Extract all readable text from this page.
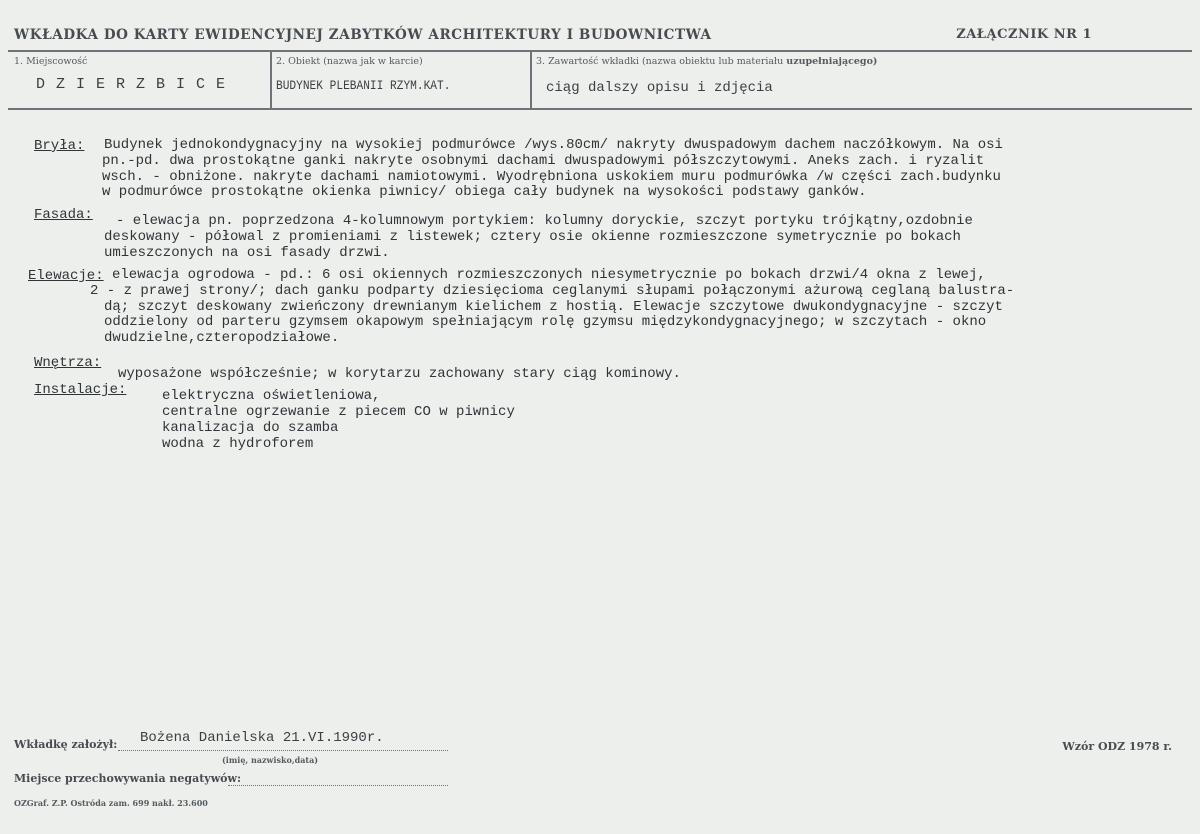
WKŁADKA DO KARTY EWIDENCYJNEJ ZABYTKÓW ARCHITEKTURY I BUDOWNICTWA	ZAŁĄCZNIK NR 1
1. Miejscowość	2. Obiekt (nazwa jak w karcie)	3. Zawartość wkładki (nazwa obiektu lub materiału uzupełniającego)
DZIERZBICE	BUDYNEK PLEBANII RZYM.KAT.	ciąg dalszy opisu i zdjęcia
Bryła: Budynek jednokondygnacyjny na wysokiej podmurówce /wys.80cm/ nakryty dwuspadowym dachem naczółkowym. Na osi
pn.-pd. dwa prostokątne ganki nakryte osobnymi dachami dwuspadowymi półszczytowymi. Aneks zach. i ryzalit
wsch. - obniżone. nakryte dachami namiotowymi. Wyodrębniona uskokiem muru podmurówka /w części zach.budynku
w podmurówce prostokątne okienka piwnicy/ obiega cały budynek na wysokości podstawy ganków.
Fasada: - elewacja pn. poprzedzona 4-kolumnowym portykiem: kolumny doryckie, szczyt portyku trójkątny,ozdobnie
deskowany - półowal z promieniami z listewek; cztery osie okienne rozmieszczone symetrycznie po bokach
umieszczonych na osi fasady drzwi.
Elewacje: elewacja ogrodowa - pd.: 6 osi okiennych rozmieszczonych niesymetrycznie po bokach drzwi/4 okna z lewej,
2 - z prawej strony/; dach ganku podparty dziesięcioma ceglanymi słupami połączonymi ażurową ceglaną balustra-
dą; szczyt deskowany zwieńczony drewnianym kielichem z hostią. Elewacje szczytowe dwukondygnacyjne - szczyt
oddzielony od parteru gzymsem okapowym spełniającym rolę gzymsu międzykondygnacyjnego; w szczytach - okno
dwudzielne,czteropodziałowe.
Wnętrza:
wyposażone współcześnie; w korytarzu zachowany stary ciąg kominowy.
Instalacje:	elektryczna oświetleniowa,
centralne ogrzewanie z piecem CO w piwnicy
kanalizacja do szamba
wodna z hydroforem
Wkładkę założył: Bożena Danielska 21.VI.1990r.
(imię, nazwisko,data)
Wzór ODZ 1978 r.
Miejsce przechowywania negatywów:
OZGraf. Z.P. Ostróda zam. 699 nakł. 23.600
